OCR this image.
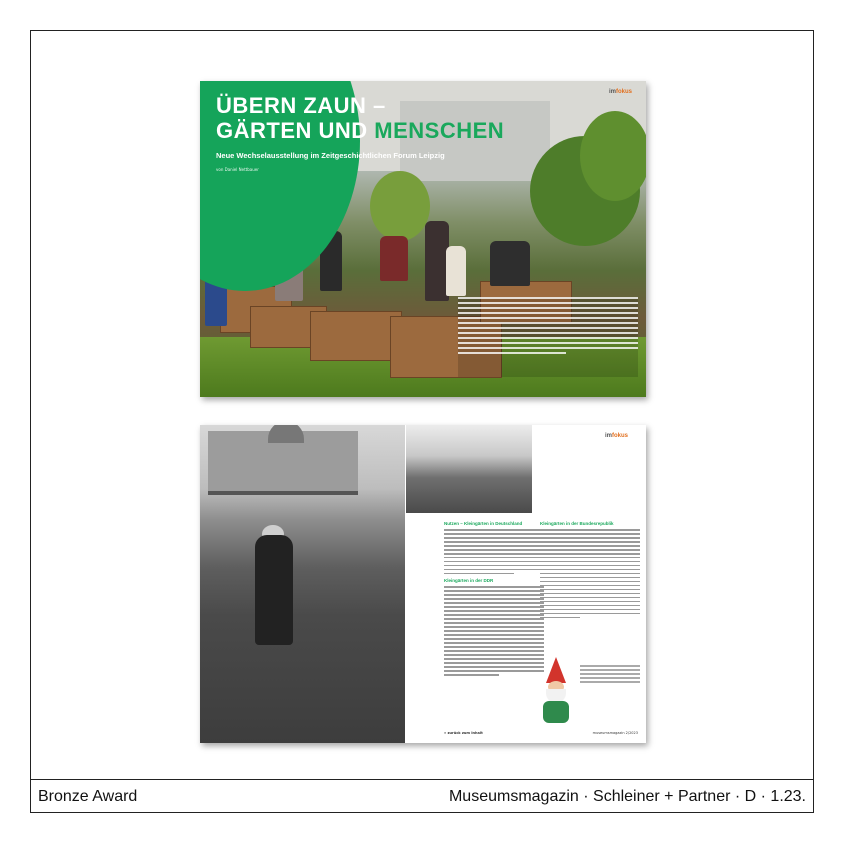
ÜBERN ZAUN –
GÄRTEN UND MENSCHEN
Neue Wechselausstellung im Zeitgeschichtlichen Forum Leipzig
von Daniel Nettbauer
imfokus
imfokus
Nutzen – Kleingärten in Deutschland
Kleingärten in der DDR
Kleingärten in der Bundesrepublik
» zurück zum Inhalt	museumsmagazin 2/2023
Bronze Award	Museumsmagazin · Schleiner + Partner · D · 1.23.
